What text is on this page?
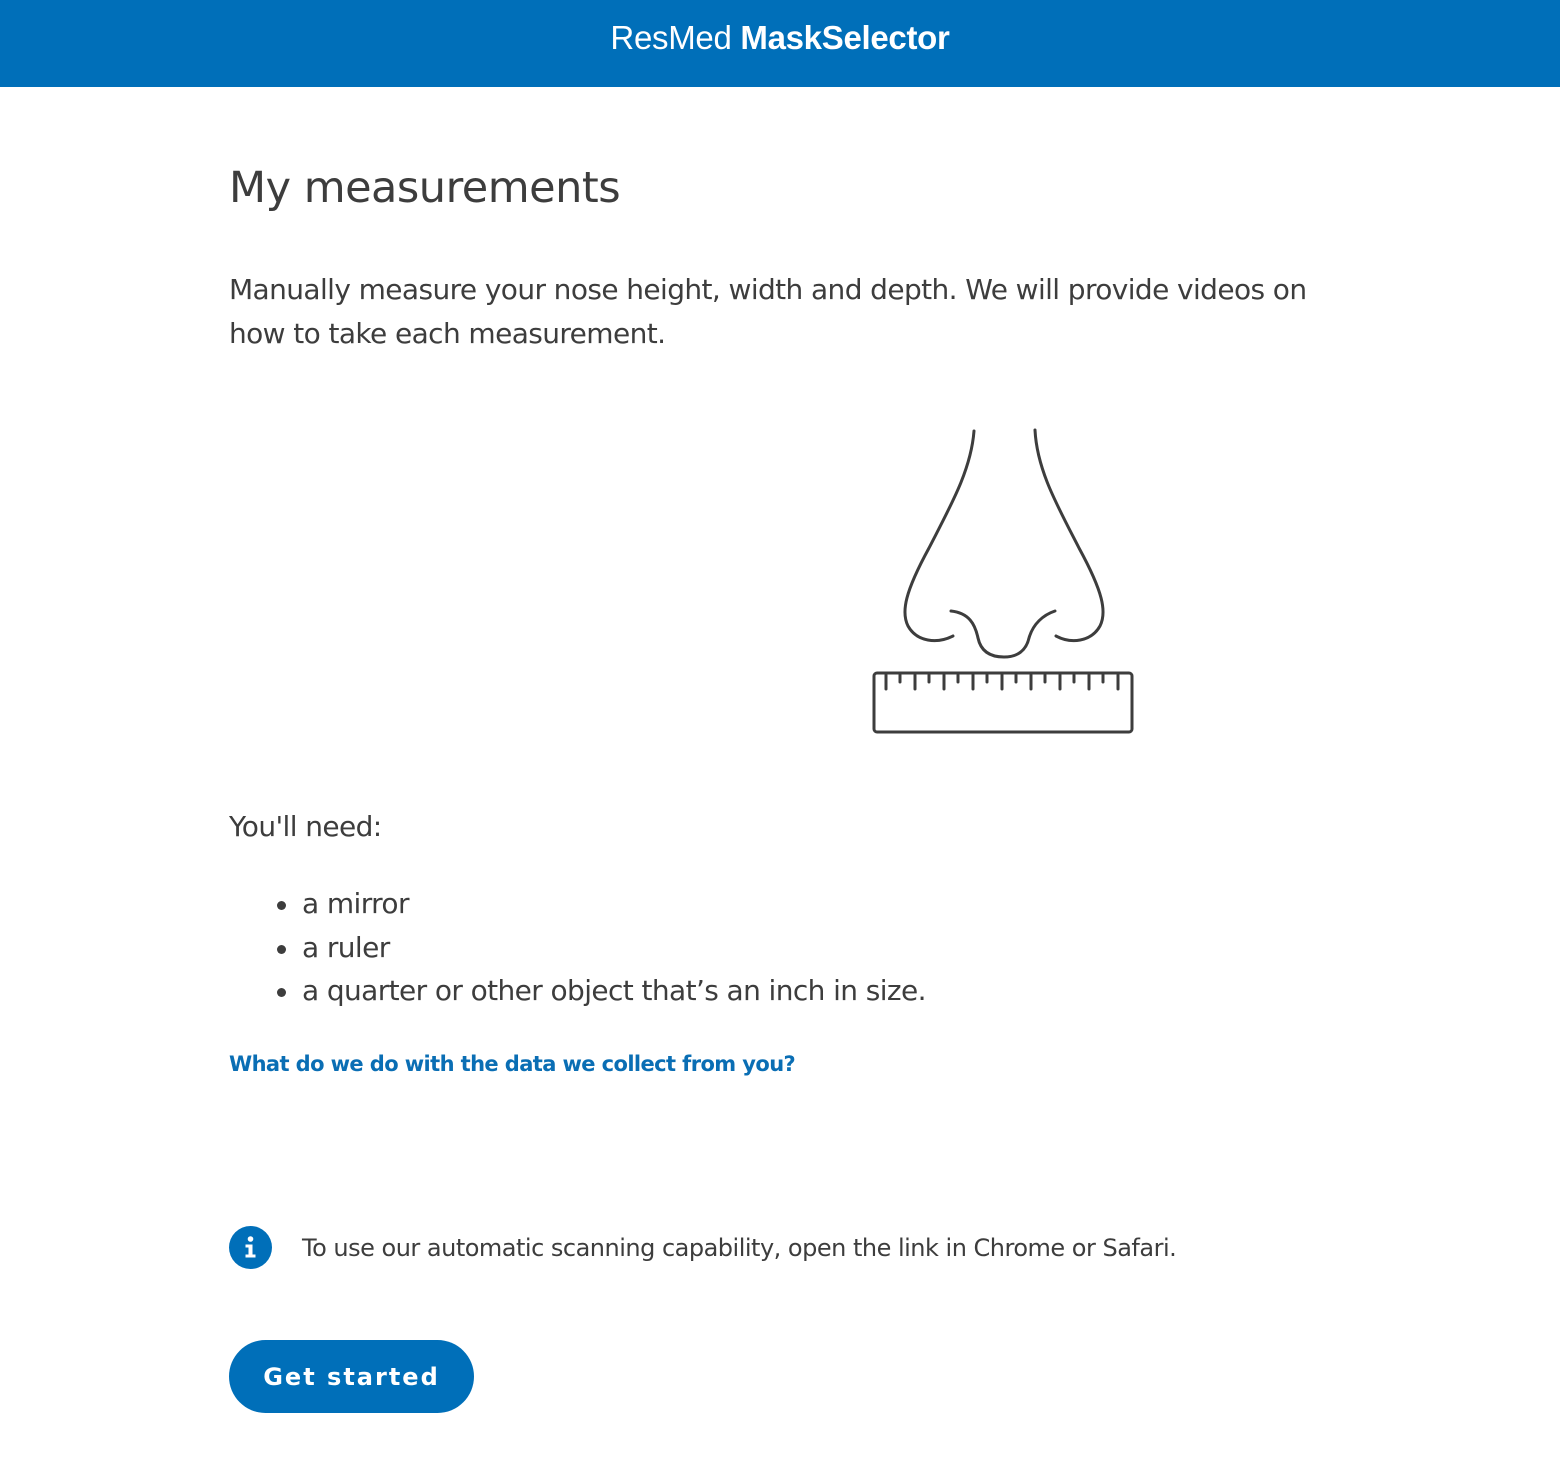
ResMed MaskSelector
My measurements

Manually measure your nose height, width and depth. We will provide videos on how to take each measurement.

You'll need:

a mirror
a ruler
a quarter or other object that’s an inch in size.
What do we do with the data we collect from you?
To use our automatic scanning capability, open the link in Chrome or Safari.
Get started
